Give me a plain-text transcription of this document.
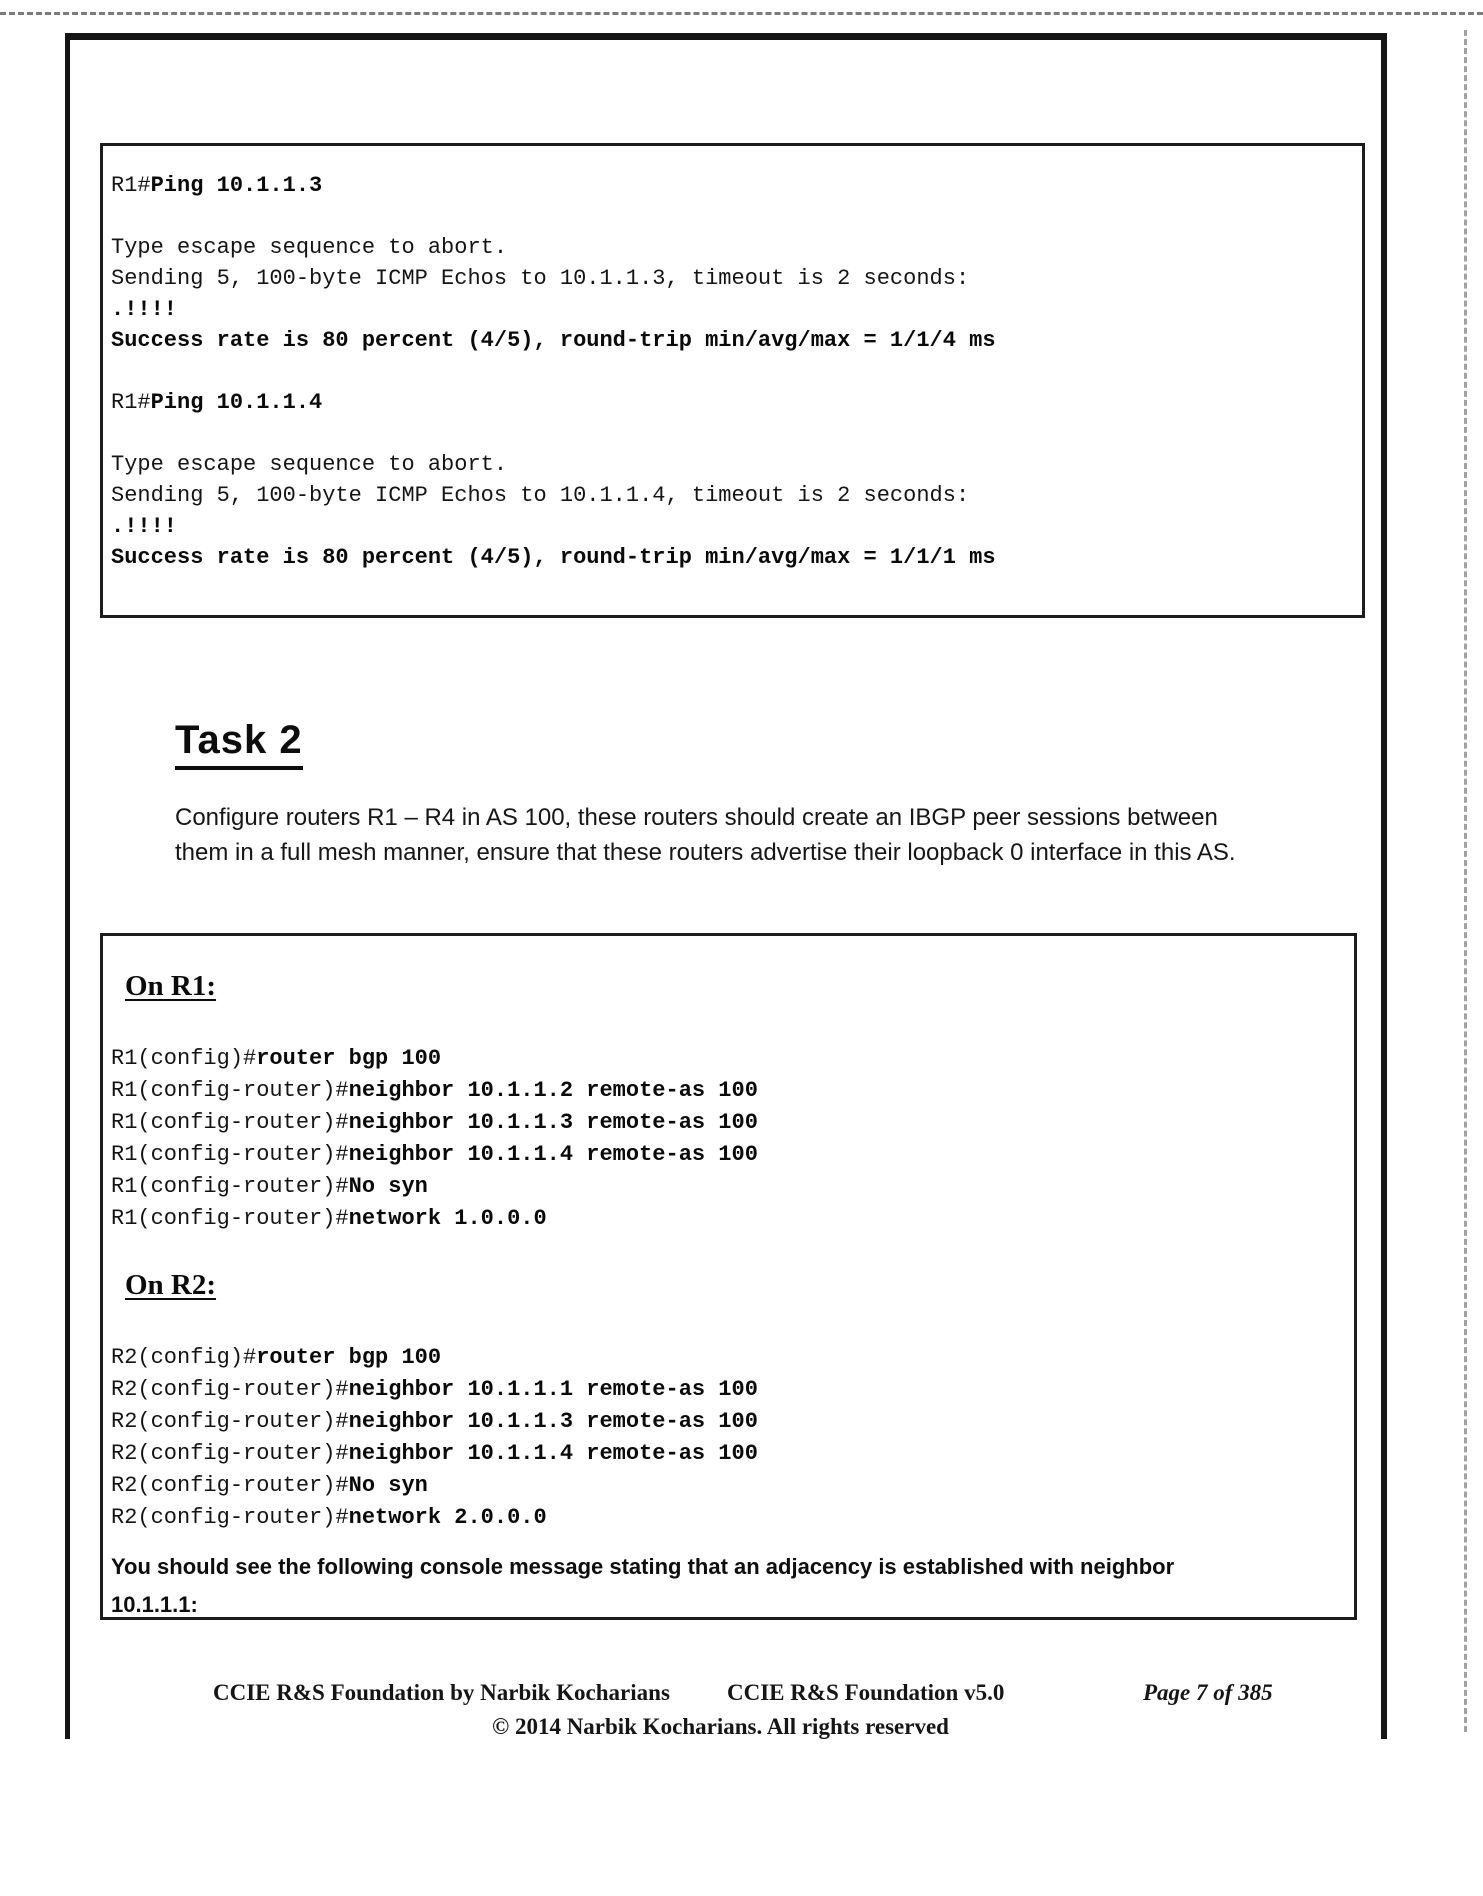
R1#Ping 10.1.1.3

Type escape sequence to abort.
Sending 5, 100-byte ICMP Echos to 10.1.1.3, timeout is 2 seconds:
.!!!!
Success rate is 80 percent (4/5), round-trip min/avg/max = 1/1/4 ms

R1#Ping 10.1.1.4

Type escape sequence to abort.
Sending 5, 100-byte ICMP Echos to 10.1.1.4, timeout is 2 seconds:
.!!!!
Success rate is 80 percent (4/5), round-trip min/avg/max = 1/1/1 ms
Task 2

Configure routers R1 – R4 in AS 100, these routers should create an IBGP peer sessions between them in a full mesh manner, ensure that these routers advertise their loopback 0 interface in this AS.

On R1:
R1(config)#router bgp 100
R1(config-router)#neighbor 10.1.1.2 remote-as 100
R1(config-router)#neighbor 10.1.1.3 remote-as 100
R1(config-router)#neighbor 10.1.1.4 remote-as 100
R1(config-router)#No syn
R1(config-router)#network 1.0.0.0
On R2:
R2(config)#router bgp 100
R2(config-router)#neighbor 10.1.1.1 remote-as 100
R2(config-router)#neighbor 10.1.1.3 remote-as 100
R2(config-router)#neighbor 10.1.1.4 remote-as 100
R2(config-router)#No syn
R2(config-router)#network 2.0.0.0
You should see the following console message stating that an adjacency is established with neighbor
10.1.1.1:
CCIE R&S Foundation by Narbik Kocharians CCIE R&S Foundation v5.0	Page 7 of 385
© 2014 Narbik Kocharians. All rights reserved
